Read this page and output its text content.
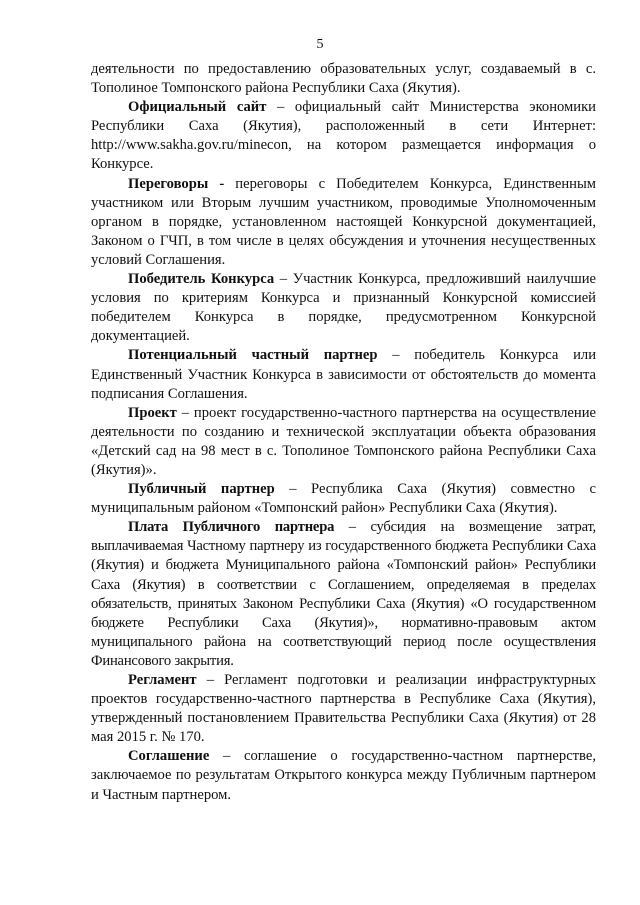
5

деятельности по предоставлению образовательных услуг, создаваемый в с. Тополиное Томпонского района Республики Саха (Якутия).

Официальный сайт – официальный сайт Министерства экономики Республики Саха (Якутия), расположенный в сети Интернет: http://www.sakha.gov.ru/minecon, на котором размещается информация о Конкурсе.

Переговоры - переговоры с Победителем Конкурса, Единственным участником или Вторым лучшим участником, проводимые Уполномоченным органом в порядке, установленном настоящей Конкурсной документацией, Законом о ГЧП, в том числе в целях обсуждения и уточнения несущественных условий Соглашения.

Победитель Конкурса – Участник Конкурса, предложивший наилучшие условия по критериям Конкурса и признанный Конкурсной комиссией победителем Конкурса в порядке, предусмотренном Конкурсной документацией.

Потенциальный частный партнер – победитель Конкурса или Единственный Участник Конкурса в зависимости от обстоятельств до момента подписания Соглашения.

Проект – проект государственно-частного партнерства на осуществление деятельности по созданию и технической эксплуатации объекта образования «Детский сад на 98 мест в с. Тополиное Томпонского района Республики Саха (Якутия)».

Публичный партнер – Республика Саха (Якутия) совместно с муниципальным районом «Томпонский район» Республики Саха (Якутия).

Плата Публичного партнера – субсидия на возмещение затрат, выплачиваемая Частному партнеру из государственного бюджета Республики Саха (Якутия) и бюджета Муниципального района «Томпонский район» Республики Саха (Якутия) в соответствии с Соглашением, определяемая в пределах обязательств, принятых Законом Республики Саха (Якутия) «О государственном бюджете Республики Саха (Якутия)», нормативно-правовым актом муниципального района на соответствующий период после осуществления Финансового закрытия.

Регламент – Регламент подготовки и реализации инфраструктурных проектов государственно-частного партнерства в Республике Саха (Якутия), утвержденный постановлением Правительства Республики Саха (Якутия) от 28 мая 2015 г. № 170.

Соглашение – соглашение о государственно-частном партнерстве, заключаемое по результатам Открытого конкурса между Публичным партнером и Частным партнером.
